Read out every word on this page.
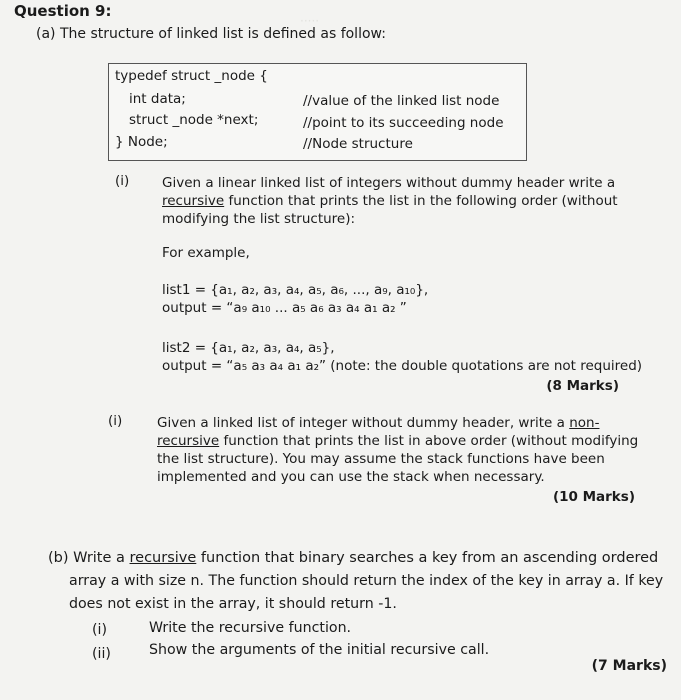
·····
Question 9:
(a) The structure of linked list is defined as follow:
typedef struct _node {
int data;	//value of the linked list node
struct _node *next;	//point to its succeeding node
} Node;	//Node structure
(i) Given a linear linked list of integers without dummy header write a
recursive function that prints the list in the following order (without
modifying the list structure):
For example,
list1 = {a₁, a₂, a₃, a₄, a₅, a₆, ..., a₉, a₁₀},
output = “a₉ a₁₀ ... a₅ a₆ a₃ a₄ a₁ a₂ ”
list2 = {a₁, a₂, a₃, a₄, a₅},
output = “a₅ a₃ a₄ a₁ a₂” (note: the double quotations are not required)
(8 Marks)
(i)	Given a linked list of integer without dummy header, write a non-
recursive function that prints the list in above order (without modifying
the list structure). You may assume the stack functions have been
implemented and you can use the stack when necessary.
(10 Marks)
(b) Write a recursive function that binary searches a key from an ascending ordered
array a with size n. The function should return the index of the key in array a. If key
does not exist in the array, it should return -1.
(i)	Write the recursive function.
(ii)	Show the arguments of the initial recursive call.
(7 Marks)
